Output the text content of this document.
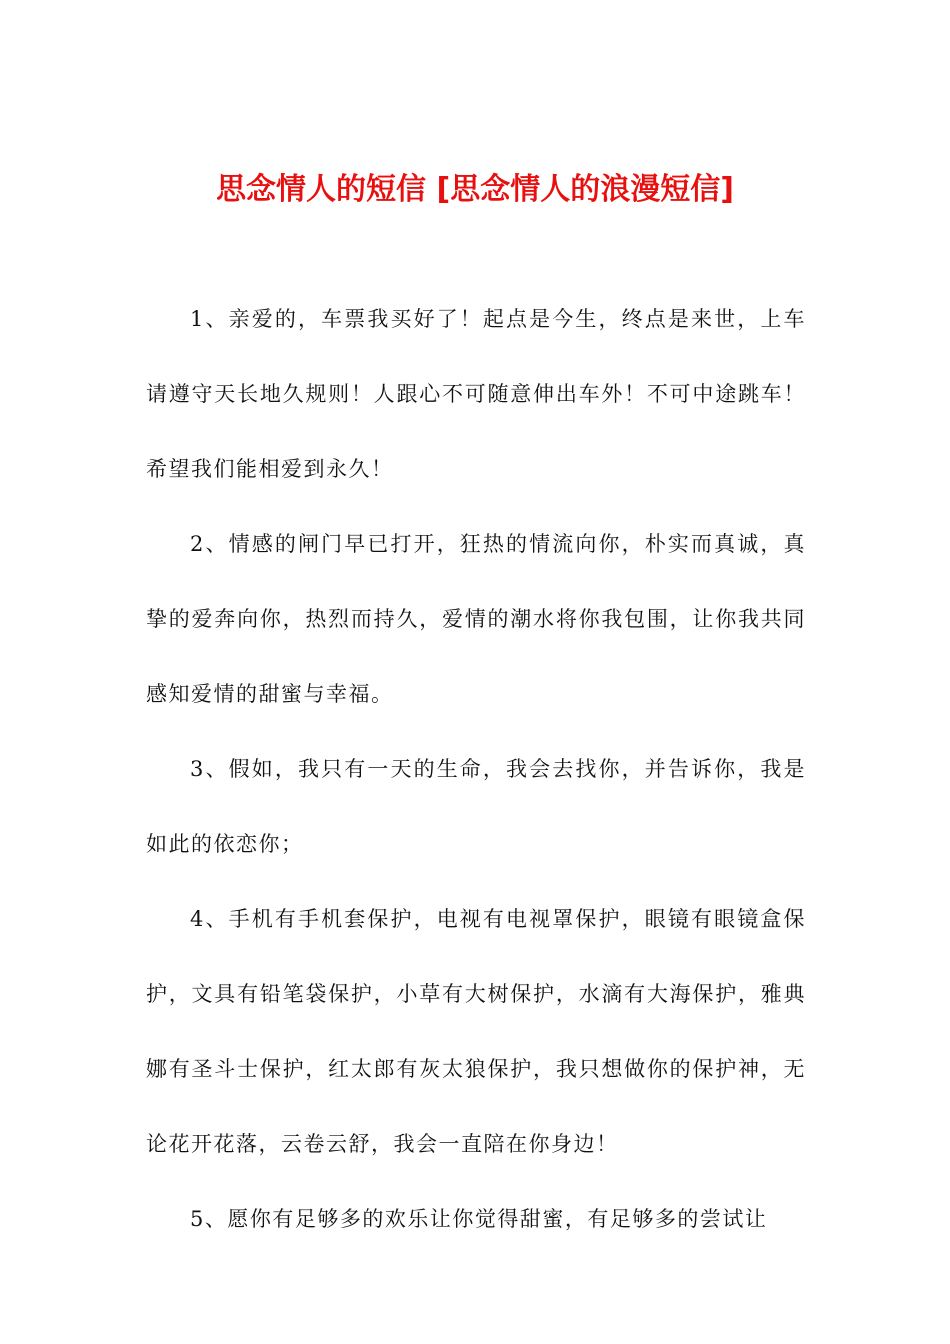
思念情人的短信 [思念情人的浪漫短信]

1、亲爱的，车票我买好了！起点是今生，终点是来世，上车请遵守天长地久规则！人跟心不可随意伸出车外！不可中途跳车！希望我们能相爱到永久！

2、情感的闸门早已打开，狂热的情流向你，朴实而真诚，真挚的爱奔向你，热烈而持久，爱情的潮水将你我包围，让你我共同感知爱情的甜蜜与幸福。

3、假如，我只有一天的生命，我会去找你，并告诉你，我是如此的依恋你；

4、手机有手机套保护，电视有电视罩保护，眼镜有眼镜盒保护，文具有铅笔袋保护，小草有大树保护，水滴有大海保护，雅典娜有圣斗士保护，红太郎有灰太狼保护，我只想做你的保护神，无论花开花落，云卷云舒，我会一直陪在你身边！

5、愿你有足够多的欢乐让你觉得甜蜜，有足够多的尝试让
